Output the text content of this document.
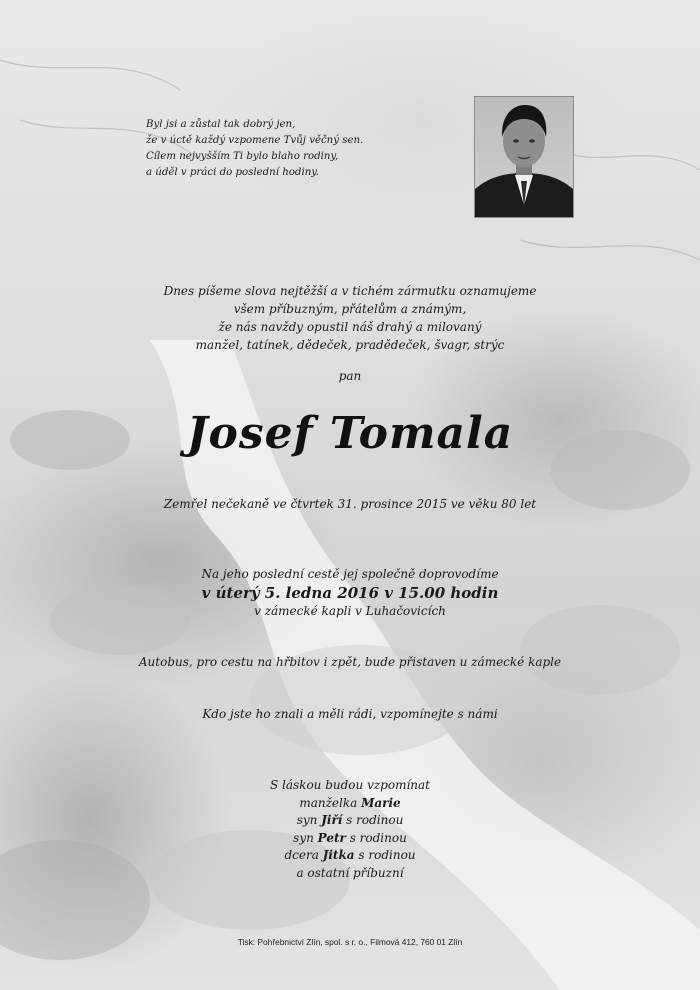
Byl jsi a zůstal tak dobrý jen,
že v úctě každý vzpomene Tvůj věčný sen.
Cílem nejvyšším Ti bylo blaho rodiny,
a úděl v práci do poslední hodiny.
Dnes píšeme slova nejtěžší a v tichém zármutku oznamujeme
všem příbuzným, přátelům a známým,
že nás navždy opustil náš drahý a milovaný
manžel, tatínek, dědeček, pradědeček, švagr, strýc
pan
Josef Tomala
Zemřel nečekaně ve čtvrtek 31. prosince 2015 ve věku 80 let
Na jeho poslední cestě jej společně doprovodíme
v úterý 5. ledna 2016 v 15.00 hodin
v zámecké kapli v Luhačovicích
Autobus, pro cestu na hřbitov i zpět, bude přistaven u zámecké kaple
Kdo jste ho znali a měli rádi, vzpomínejte s námi
S láskou budou vzpomínat
manželka Marie
syn Jiří s rodinou
syn Petr s rodinou
dcera Jitka s rodinou
a ostatní příbuzní
Tisk: Pohřebnictví Zlín, spol. s r. o., Filmová 412, 760 01 Zlín
